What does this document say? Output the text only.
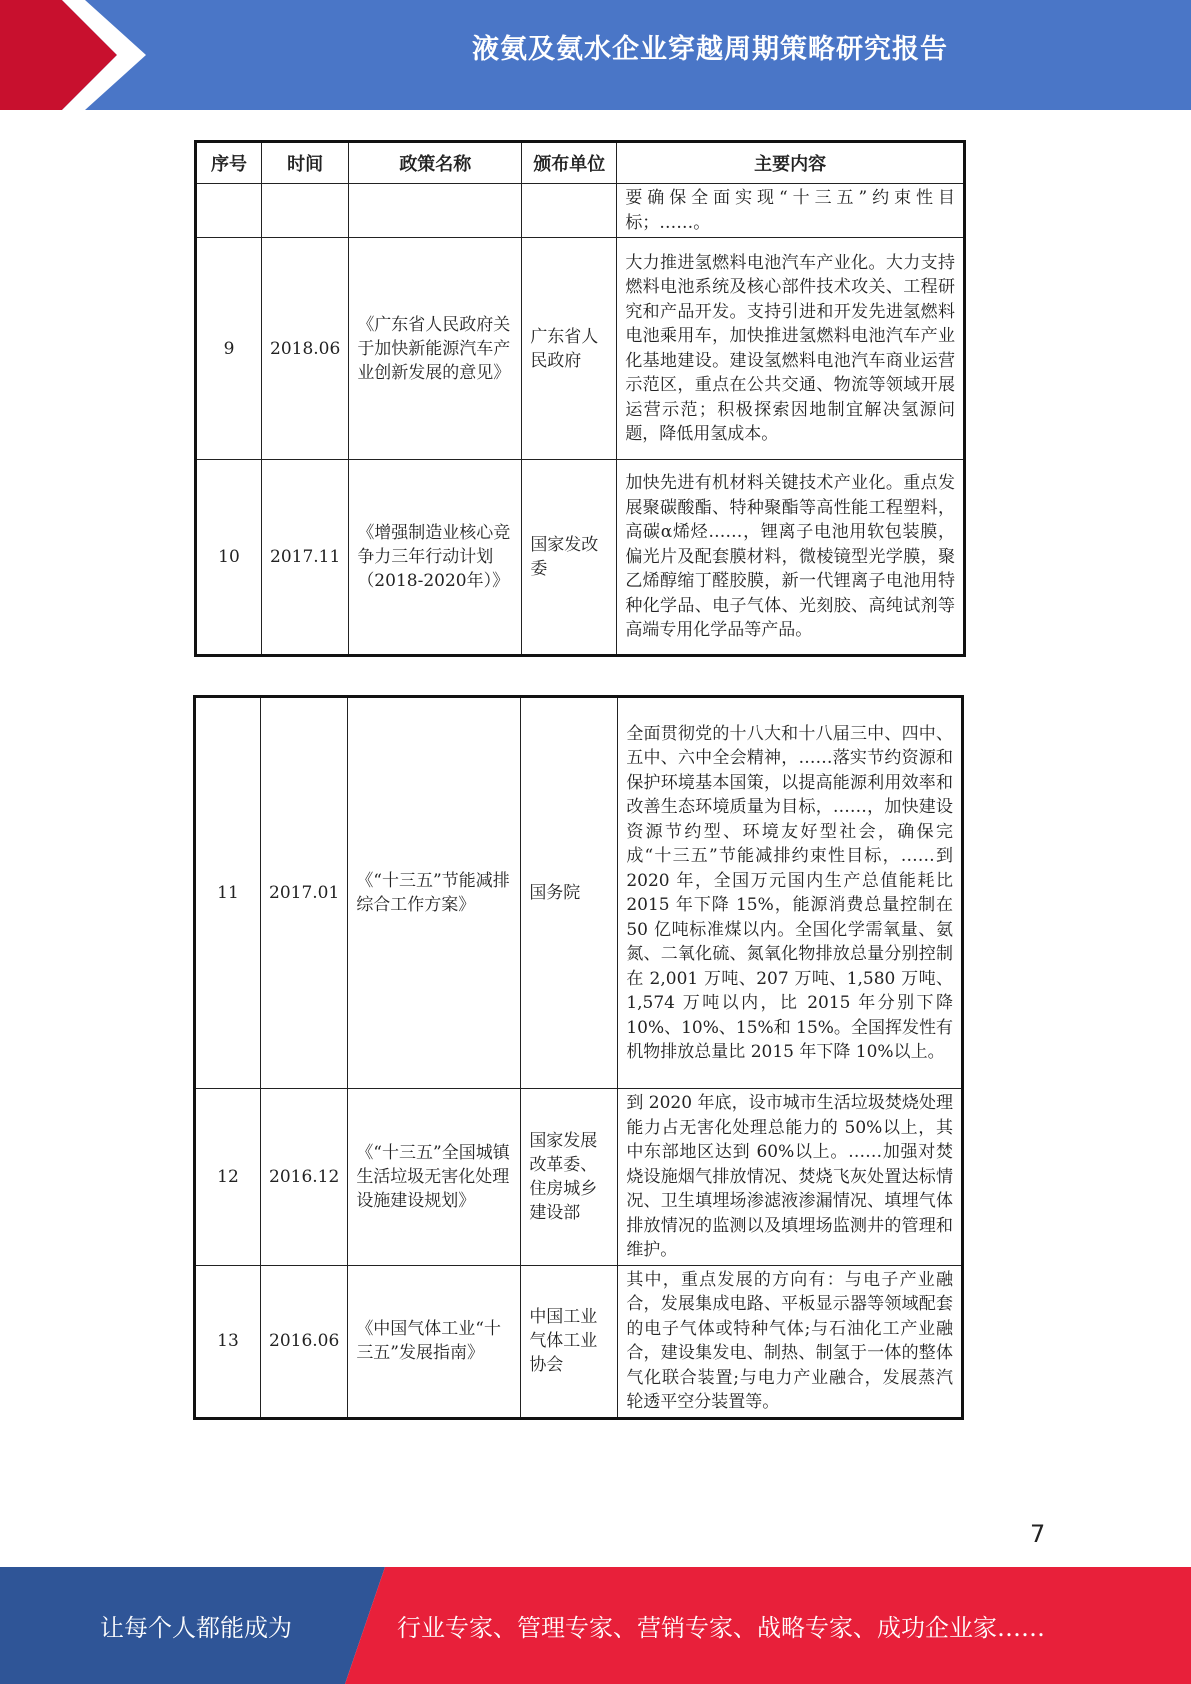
液氨及氨水企业穿越周期策略研究报告
序号	时间	政策名称	颁布单位	主要内容
				要确保全面实现“十三五”约束性目标；……。
9	2018.06	《广东省人民政府关于加快新能源汽车产业创新发展的意见》	广东省人民政府	大力推进氢燃料电池汽车产业化。大力支持燃料电池系统及核心部件技术攻关、工程研究和产品开发。支持引进和开发先进氢燃料电池乘用车，加快推进氢燃料电池汽车产业化基地建设。建设氢燃料电池汽车商业运营示范区，重点在公共交通、物流等领域开展运营示范；积极探索因地制宜解决氢源问题，降低用氢成本。
10	2017.11	《增强制造业核心竞争力三年行动计划（2018-2020年）》	国家发改委	加快先进有机材料关键技术产业化。重点发展聚碳酸酯、特种聚酯等高性能工程塑料，高碳α烯烃……，锂离子电池用软包装膜，偏光片及配套膜材料，微棱镜型光学膜，聚乙烯醇缩丁醛胶膜，新一代锂离子电池用特种化学品、电子气体、光刻胶、高纯试剂等高端专用化学品等产品。
11	2017.01	《“十三五”节能减排综合工作方案》	国务院	全面贯彻党的十八大和十八届三中、四中、五中、六中全会精神，……落实节约资源和保护环境基本国策，以提高能源利用效率和改善生态环境质量为目标，……，加快建设资源节约型、环境友好型社会，确保完成“十三五”节能减排约束性目标，……到 2020 年，全国万元国内生产总值能耗比 2015 年下降 15%，能源消费总量控制在 50 亿吨标准煤以内。全国化学需氧量、氨氮、二氧化硫、氮氧化物排放总量分别控制在 2,001 万吨、207 万吨、1,580 万吨、1,574 万吨以内，比 2015 年分别下降 10%、10%、15%和 15%。全国挥发性有机物排放总量比 2015 年下降 10%以上。
12	2016.12	《“十三五”全国城镇生活垃圾无害化处理设施建设规划》	国家发展改革委、住房城乡建设部	到 2020 年底，设市城市生活垃圾焚烧处理能力占无害化处理总能力的 50%以上，其中东部地区达到 60%以上。……加强对焚烧设施烟气排放情况、焚烧飞灰处置达标情况、卫生填埋场渗滤液渗漏情况、填埋气体排放情况的监测以及填埋场监测井的管理和维护。
13	2016.06	《中国气体工业“十三五”发展指南》	中国工业气体工业协会	其中，重点发展的方向有：与电子产业融合，发展集成电路、平板显示器等领域配套的电子气体或特种气体;与石油化工产业融合，建设集发电、制热、制氢于一体的整体气化联合装置;与电力产业融合，发展蒸汽轮透平空分装置等。
7
让每个人都能成为	行业专家、管理专家、营销专家、战略专家、成功企业家……
